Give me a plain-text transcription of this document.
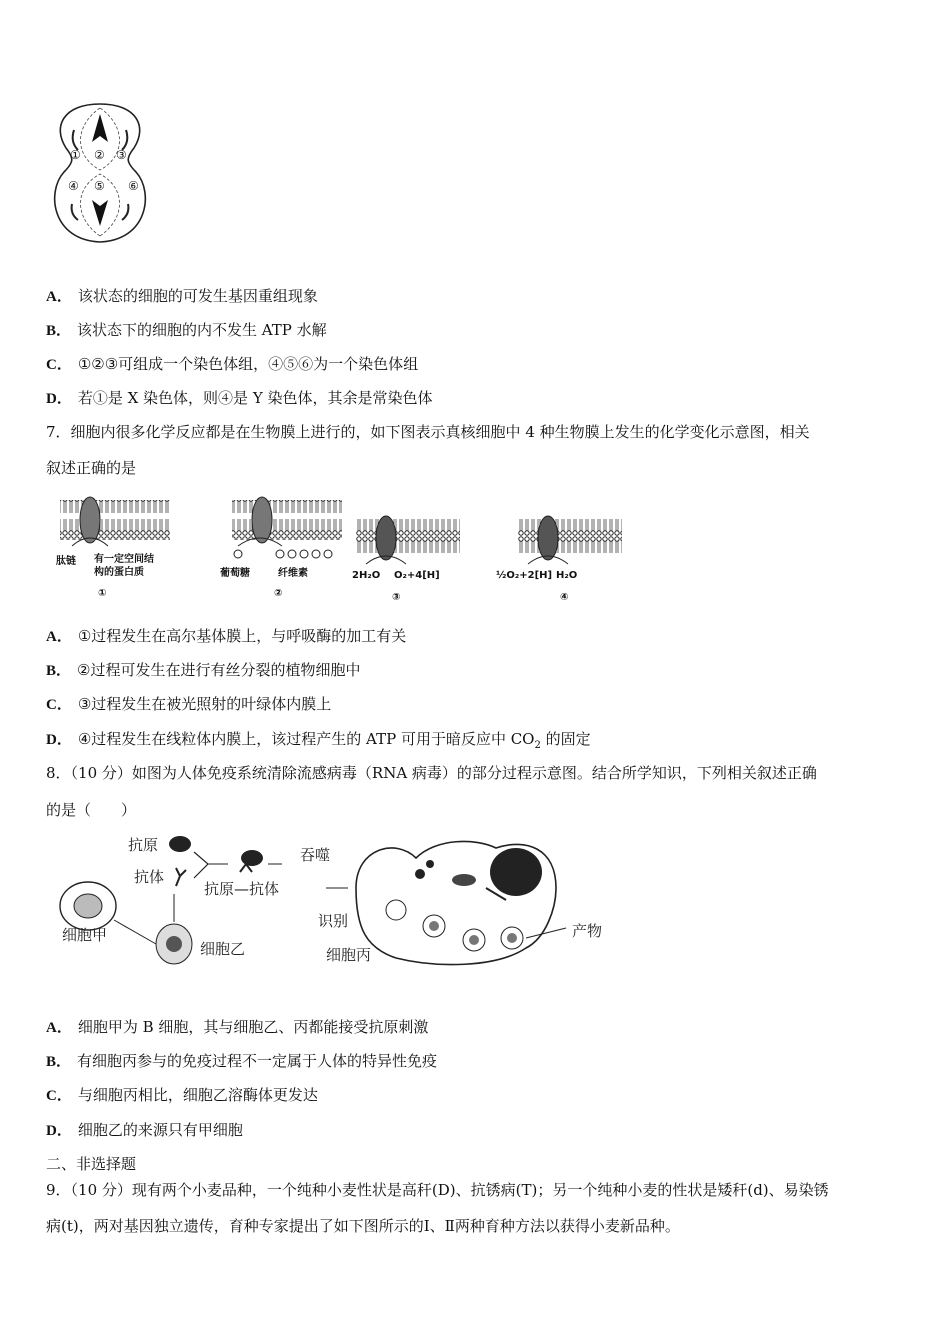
① ② ③
④ ⑤ ⑥
A． 该状态的细胞的可发生基因重组现象
B． 该状态下的细胞的内不发生 ATP 水解
C． ①②③可组成一个染色体组，④⑤⑥为一个染色体组
D． 若①是 X 染色体，则④是 Y 染色体，其余是常染色体
7．细胞内很多化学反应都是在生物膜上进行的，如下图表示真核细胞中 4 种生物膜上发生的化学变化示意图，相关
叙述正确的是
肽链 有一定空间结
构的蛋白质
①
葡萄糖	纤维素
②
2H₂O O₂+4[H]
③
½O₂+2[H] H₂O
④
A． ①过程发生在高尔基体膜上，与呼吸酶的加工有关
B． ②过程可发生在进行有丝分裂的植物细胞中
C． ③过程发生在被光照射的叶绿体内膜上
D． ④过程发生在线粒体内膜上，该过程产生的 ATP 可用于暗反应中 $CO_2$ 的固定
8．（10 分）如图为人体免疫系统清除流感病毒（RNA 病毒）的部分过程示意图。结合所学知识，下列相关叙述正确
的是（　　）
抗原
抗体
抗原—抗体
吞噬
识别
产物
细胞甲
细胞乙	细胞丙
A． 细胞甲为 B 细胞，其与细胞乙、丙都能接受抗原刺激
B． 有细胞丙参与的免疫过程不一定属于人体的特异性免疫
C． 与细胞丙相比，细胞乙溶酶体更发达
D． 细胞乙的来源只有甲细胞
二、非选择题
9．（10 分）现有两个小麦品种，一个纯种小麦性状是高秆(D)、抗锈病(T)；另一个纯种小麦的性状是矮秆(d)、易染锈
病(t)，两对基因独立遗传，育种专家提出了如下图所示的Ⅰ、Ⅱ两种育种方法以获得小麦新品种。
